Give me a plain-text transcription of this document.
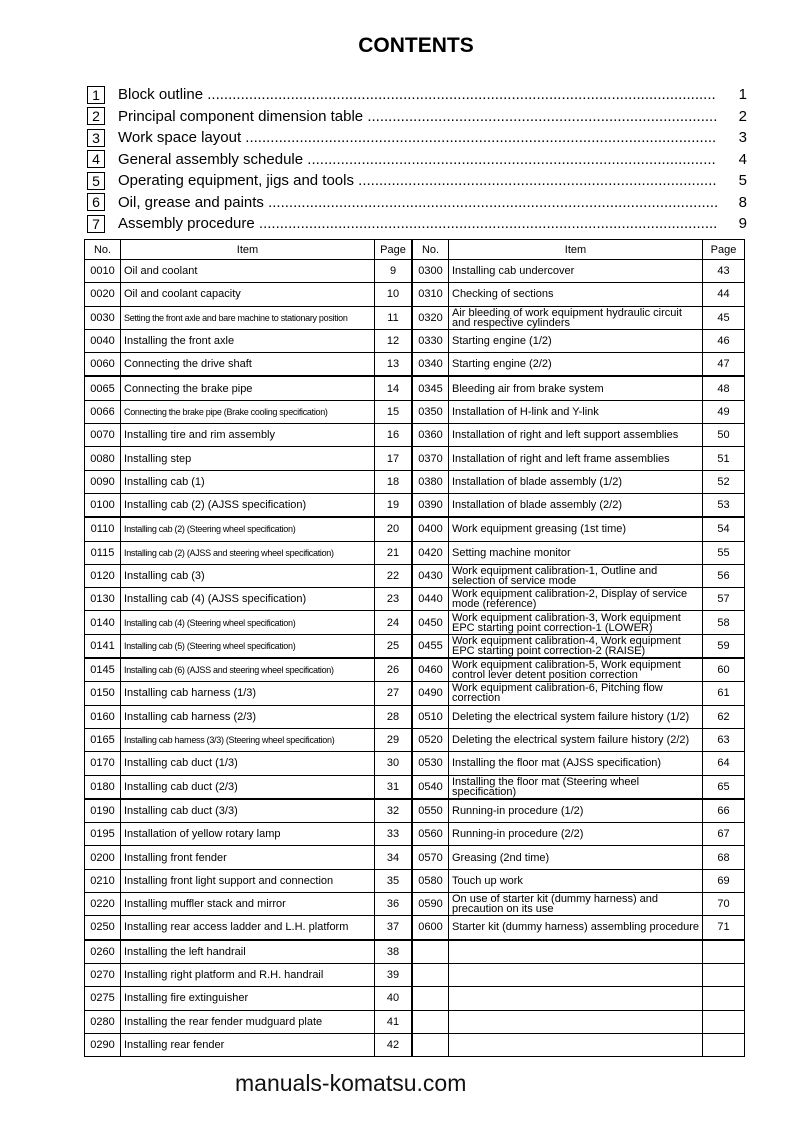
CONTENTS
1	Block outline .....	1
2	Principal component dimension table .....	2
3	Work space layout .....	3
4	General assembly schedule .....	4
5	Operating equipment, jigs and tools .....	5
6	Oil, grease and paints .....	8
7	Assembly procedure .....	9
No.	Item	Page	No.	Item	Page
0010	Oil and coolant	9	0300	Installing cab undercover	43
0020	Oil and coolant capacity	10	0310	Checking of sections	44
0030	Setting the front axle and bare machine to stationary position	11	0320	Air bleeding of work equipment hydraulic circuit and respective cylinders	45
0040	Installing the front axle	12	0330	Starting engine (1/2)	46
0060	Connecting the drive shaft	13	0340	Starting engine (2/2)	47
0065	Connecting the brake pipe	14	0345	Bleeding air from brake system	48
0066	Connecting the brake pipe (Brake cooling specification)	15	0350	Installation of H-link and Y-link	49
0070	Installing tire and rim assembly	16	0360	Installation of right and left support assemblies	50
0080	Installing step	17	0370	Installation of right and left frame assemblies	51
0090	Installing cab (1)	18	0380	Installation of blade assembly (1/2)	52
0100	Installing cab (2) (AJSS specification)	19	0390	Installation of blade assembly (2/2)	53
0110	Installing cab (2) (Steering wheel specification)	20	0400	Work equipment greasing (1st time)	54
0115	Installing cab (2) (AJSS and steering wheel specification)	21	0420	Setting machine monitor	55
0120	Installing cab (3)	22	0430	Work equipment calibration-1, Outline and selection of service mode	56
0130	Installing cab (4) (AJSS specification)	23	0440	Work equipment calibration-2, Display of service mode (reference)	57
0140	Installing cab (4) (Steering wheel specification)	24	0450	Work equipment calibration-3, Work equipment EPC starting point correction-1 (LOWER)	58
0141	Installing cab (5) (Steering wheel specification)	25	0455	Work equipment calibration-4, Work equipment EPC starting point correction-2 (RAISE)	59
0145	Installing cab (6) (AJSS and steering wheel specification)	26	0460	Work equipment calibration-5, Work equipment control lever detent position correction	60
0150	Installing cab harness (1/3)	27	0490	Work equipment calibration-6, Pitching flow correction	61
0160	Installing cab harness (2/3)	28	0510	Deleting the electrical system failure history (1/2)	62
0165	Installing cab harness (3/3) (Steering wheel specification)	29	0520	Deleting the electrical system failure history (2/2)	63
0170	Installing cab duct (1/3)	30	0530	Installing the floor mat (AJSS specification)	64
0180	Installing cab duct (2/3)	31	0540	Installing the floor mat (Steering wheel specification)	65
0190	Installing cab duct (3/3)	32	0550	Running-in procedure (1/2)	66
0195	Installation of yellow rotary lamp	33	0560	Running-in procedure (2/2)	67
0200	Installing front fender	34	0570	Greasing (2nd time)	68
0210	Installing front light support and connection	35	0580	Touch up work	69
0220	Installing muffler stack and mirror	36	0590	On use of starter kit (dummy harness) and precaution on its use	70
0250	Installing rear access ladder and L.H. platform	37	0600	Starter kit (dummy harness) assembling procedure	71
0260	Installing the left handrail	38			
0270	Installing right platform and R.H. handrail	39			
0275	Installing fire extinguisher	40			
0280	Installing the rear fender mudguard plate	41			
0290	Installing rear fender	42			
manuals-komatsu.com
